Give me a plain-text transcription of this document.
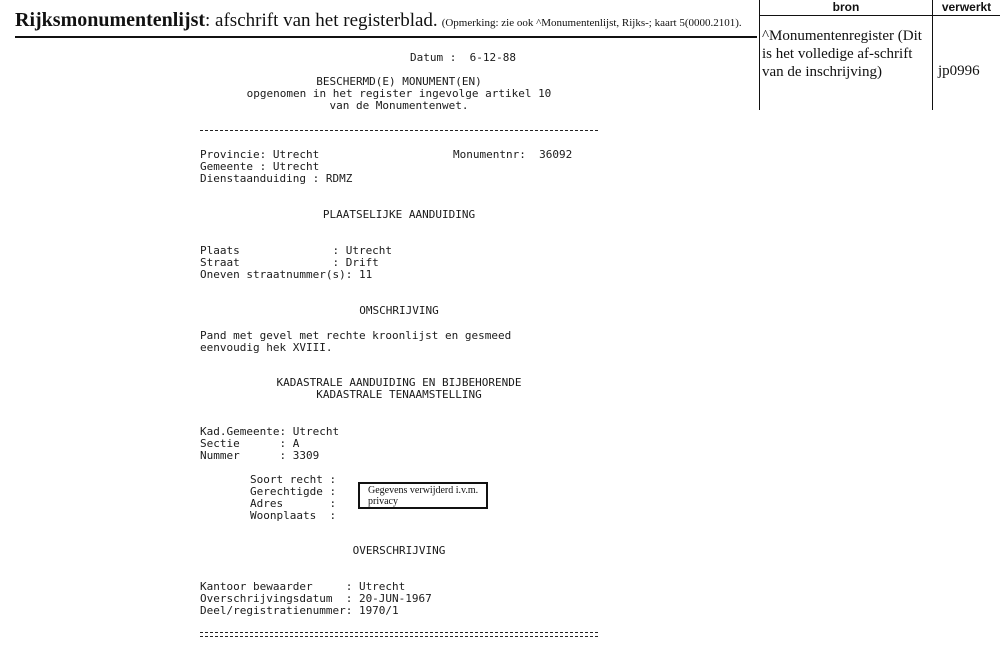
Rijksmonumentenlijst: afschrift van het registerblad. (Opmerking: zie ook ^Monumentenlijst, Rijks-; kaart 5(0000.2101).
bron	verwerkt
^Monumentenregister (Dit is het volledige af-schrift van de inschrijving)	jp0996
Datum :  6-12-88
BESCHERMD(E) MONUMENT(EN)
opgenomen in het register ingevolge artikel 10
van de Monumentenwet.
Provincie: Utrecht	Monumentnr:  36092
Gemeente : Utrecht
Dienstaanduiding : RDMZ
PLAATSELIJKE AANDUIDING
Plaats              : Utrecht
Straat              : Drift
Oneven straatnummer(s): 11
OMSCHRIJVING
Pand met gevel met rechte kroonlijst en gesmeed
eenvoudig hek XVIII.
KADASTRALE AANDUIDING EN BIJBEHORENDE
KADASTRALE TENAAMSTELLING
Kad.Gemeente: Utrecht
Sectie      : A
Nummer      : 3309
Soort recht :
Gerechtigde :
Adres       :
Woonplaats  :
Gegevens verwijderd i.v.m. privacy
OVERSCHRIJVING
Kantoor bewaarder     : Utrecht
Overschrijvingsdatum  : 20-JUN-1967
Deel/registratienummer: 1970/1
